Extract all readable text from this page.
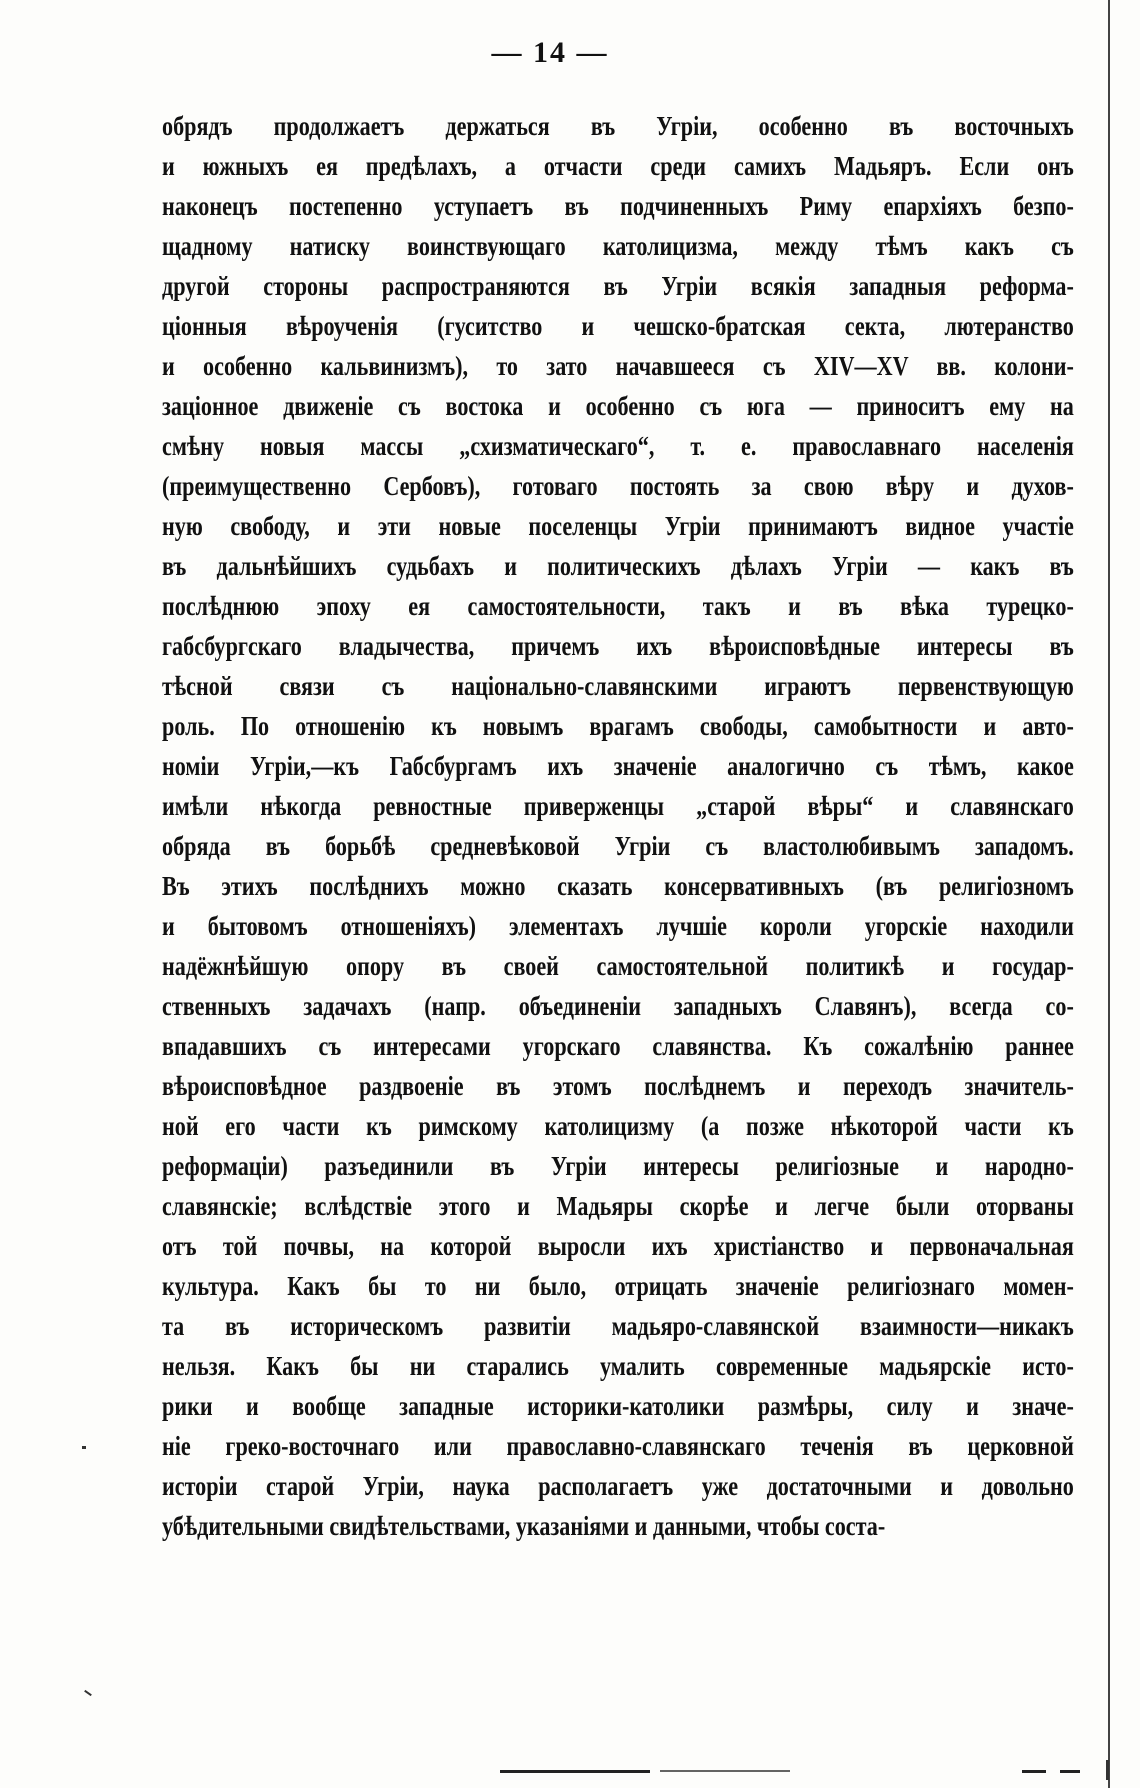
— 14 —
обрядъ продолжаетъ держаться въ Угріи, особенно въ восточныхъ
и южныхъ ея предѣлахъ, а отчасти среди самихъ Мадьяръ. Если онъ
наконецъ постепенно уступаетъ въ подчиненныхъ Риму епархіяхъ безпо-
щадному натиску воинствующаго католицизма, между тѣмъ какъ съ
другой стороны распространяются въ Угріи всякія западныя реформа-
ціонныя вѣроученія (гуситство и чешско-братская секта, лютеранство
и особенно кальвинизмъ), то зато начавшееся съ XIV—XV вв. колони-
заціонное движеніе съ востока и особенно съ юга — приноситъ ему на
смѣну новыя массы „схизматическаго“, т. е. православнаго населенія
(преимущественно Сербовъ), готоваго постоять за свою вѣру и духов-
ную свободу, и эти новые поселенцы Угріи принимаютъ видное участіе
въ дальнѣйшихъ судьбахъ и политическихъ дѣлахъ Угріи — какъ въ
послѣднюю эпоху ея самостоятельности, такъ и въ вѣка турецко-
габсбургскаго владычества, причемъ ихъ вѣроисповѣдные интересы въ
тѣсной связи съ національно-славянскими играютъ первенствующую
роль. По отношенію къ новымъ врагамъ свободы, самобытности и авто-
номіи Угріи,—къ Габсбургамъ ихъ значеніе аналогично съ тѣмъ, какое
имѣли нѣкогда ревностные приверженцы „старой вѣры“ и славянскаго
обряда въ борьбѣ средневѣковой Угріи съ властолюбивымъ западомъ.
Въ этихъ послѣднихъ можно сказать консервативныхъ (въ религіозномъ
и бытовомъ отношеніяхъ) элементахъ лучшіе короли угорскіе находили
надёжнѣйшую опору въ своей самостоятельной политикѣ и государ-
ственныхъ задачахъ (напр. объединеніи западныхъ Славянъ), всегда со-
впадавшихъ съ интересами угорскаго славянства. Къ сожалѣнію раннее
вѣроисповѣдное раздвоеніе въ этомъ послѣднемъ и переходъ значитель-
ной его части къ римскому католицизму (а позже нѣкоторой части къ
реформаціи) разъединили въ Угріи интересы религіозные и народно-
славянскіе; вслѣдствіе этого и Мадьяры скорѣе и легче были оторваны
отъ той почвы, на которой выросли ихъ христіанство и первоначальная
культура. Какъ бы то ни было, отрицать значеніе религіознаго момен-
та въ историческомъ развитіи мадьяро-славянской взаимности—никакъ
нельзя. Какъ бы ни старались умалить современные мадьярскіе исто-
рики и вообще западные историки-католики размѣры, силу и значе-
ніе греко-восточнаго или православно-славянскаго теченія въ церковной
исторіи старой Угріи, наука располагаетъ уже достаточными и довольно
убѣдительными свидѣтельствами, указаніями и данными, чтобы соста-
